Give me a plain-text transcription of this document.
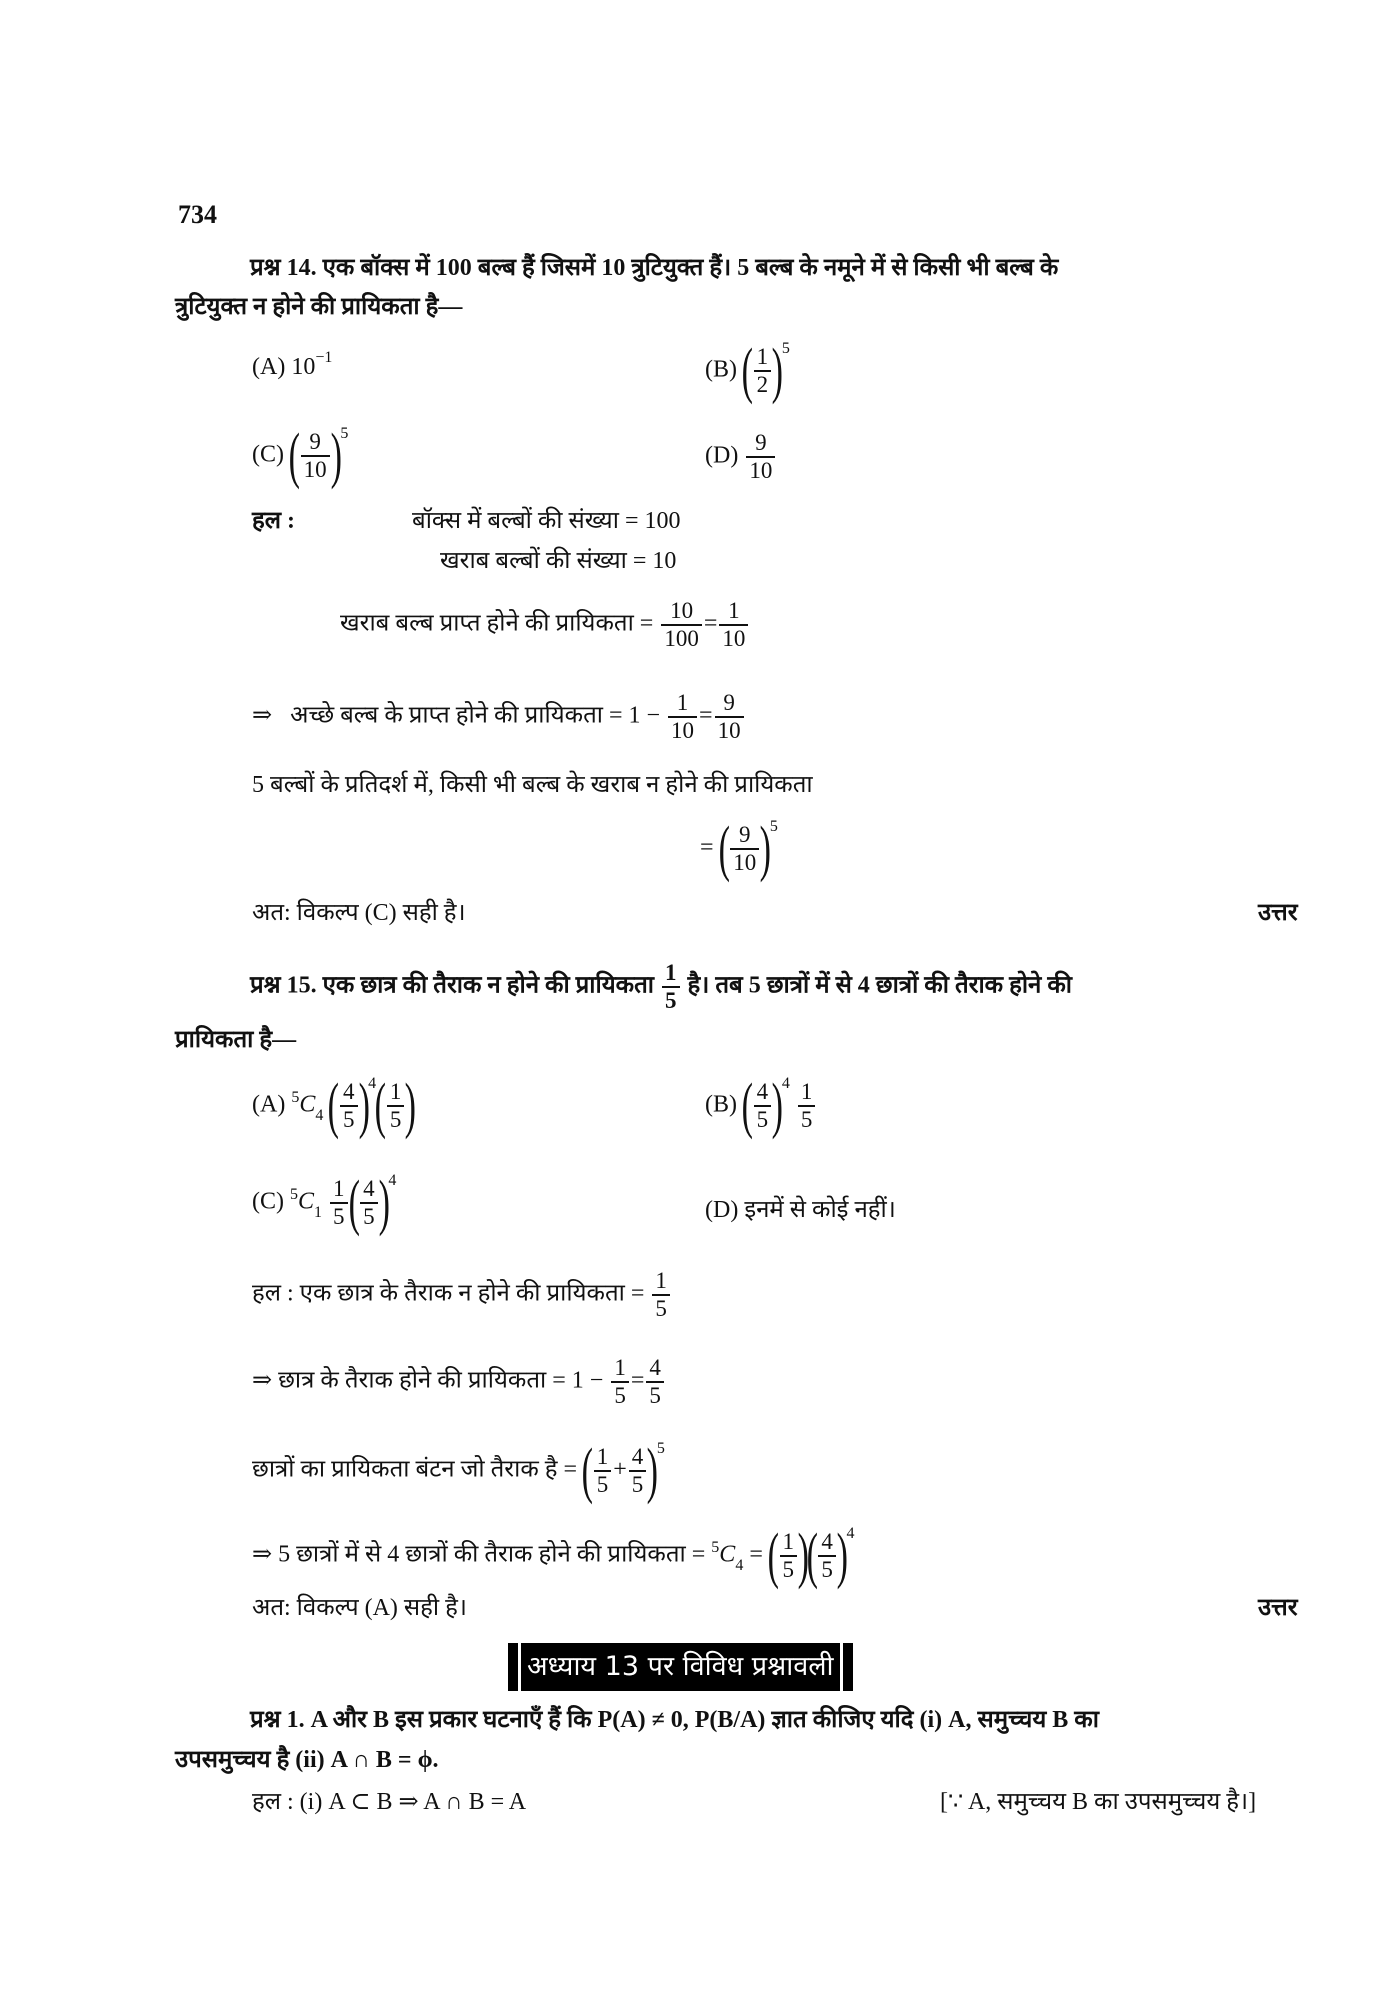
734
प्रश्न 14. एक बॉक्स में 100 बल्ब हैं जिसमें 10 त्रुटियुक्त हैं। 5 बल्ब के नमूने में से किसी भी बल्ब के
त्रुटियुक्त न होने की प्रायिकता है—
(A) $10^{-1}$	(B) ( $\frac{1}{2} )^5$
(C) ( $\frac{9}{10} )^5$
$(D) \frac{9}{10}$
हल :	बॉक्स में बल्बों की संख्या = 100
खराब बल्बों की संख्या = 10
खराब बल्ब प्राप्त होने की प्रायिकता = $\frac{10}{100} = \frac{1}{10}$
⇒ अच्छे बल्ब के प्राप्त होने की प्रायिकता = $1 - \frac{1}{10} = \frac{9}{10}$
5 बल्बों के प्रतिदर्श में, किसी भी बल्ब के खराब न होने की प्रायिकता
= ( $\frac{9}{10} )^5$
अत: विकल्प (C) सही है।	उत्तर
प्रश्न 15. एक छात्र की तैराक न होने की प्रायिकता $\frac{1}{5}$ है। तब 5 छात्रों में से 4 छात्रों की तैराक होने की
प्रायिकता है—
(A) $^5C_4$ ( $\frac{4}{5} )^4( \frac{1}{5}$ )	(B) ( $\frac{4}{5} )^4 \frac{1}{5}$
(C) $^5C_1 \frac{1}{5}$ ( $\frac{4}{5} )^4$
(D) इनमें से कोई नहीं।
हल : एक छात्र के तैराक न होने की प्रायिकता = $\frac{1}{5}$
⇒ छात्र के तैराक होने की प्रायिकता = $1 - \frac{1}{5} = \frac{4}{5}$
छात्रों का प्रायिकता बंटन जो तैराक है = ( $\frac{1}{5} + \frac{4}{5} )^5$
⇒ 5 छात्रों में से 4 छात्रों की तैराक होने की प्रायिकता = $^5C_4$ = ( $\frac{1}{5}$ )( $\frac{4}{5} )^4$
अत: विकल्प (A) सही है।	उत्तर
अध्याय 13 पर विविध प्रश्नावली
प्रश्न 1. A और B इस प्रकार घटनाएँ हैं कि P(A) ≠ 0, P(B/A) ज्ञात कीजिए यदि (i) A, समुच्चय B का
उपसमुच्चय है (ii) A ∩ B = ϕ.
हल : (i) A ⊂ B ⇒ A ∩ B = A	[∵ A, समुच्चय B का उपसमुच्चय है।]
